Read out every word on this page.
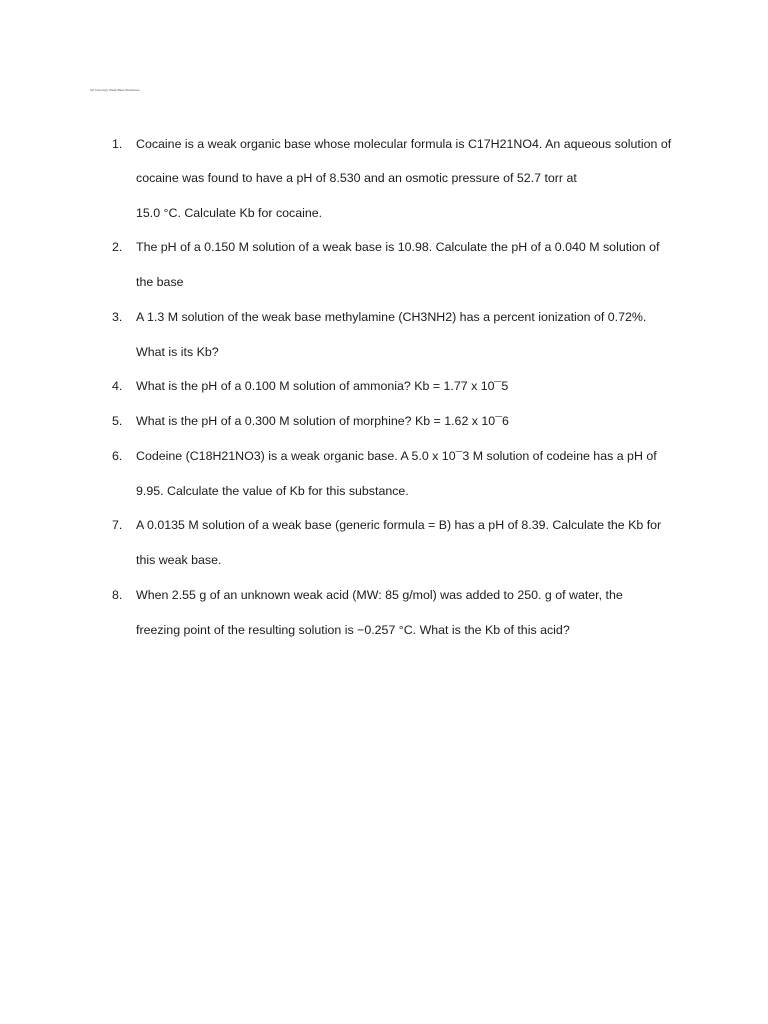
AP Chemistry Weak Base Worksheet
1. Cocaine is a weak organic base whose molecular formula is C17H21NO4. An aqueous solution of
cocaine was found to have a pH of 8.530 and an osmotic pressure of 52.7 torr at
15.0 °C. Calculate Kb for cocaine.
2. The pH of a 0.150 M solution of a weak base is 10.98. Calculate the pH of a 0.040 M solution of
the base
3. A 1.3 M solution of the weak base methylamine (CH3NH2) has a percent ionization of 0.72%.
What is its Kb?
4. What is the pH of a 0.100 M solution of ammonia? Kb = 1.77 x 10¯5
5. What is the pH of a 0.300 M solution of morphine? Kb = 1.62 x 10¯6
6. Codeine (C18H21NO3) is a weak organic base. A 5.0 x 10¯3 M solution of codeine has a pH of
9.95. Calculate the value of Kb for this substance.
7. A 0.0135 M solution of a weak base (generic formula = B) has a pH of 8.39. Calculate the Kb for
this weak base.
8. When 2.55 g of an unknown weak acid (MW: 85 g/mol) was added to 250. g of water, the
freezing point of the resulting solution is −0.257 °C. What is the Kb of this acid?
